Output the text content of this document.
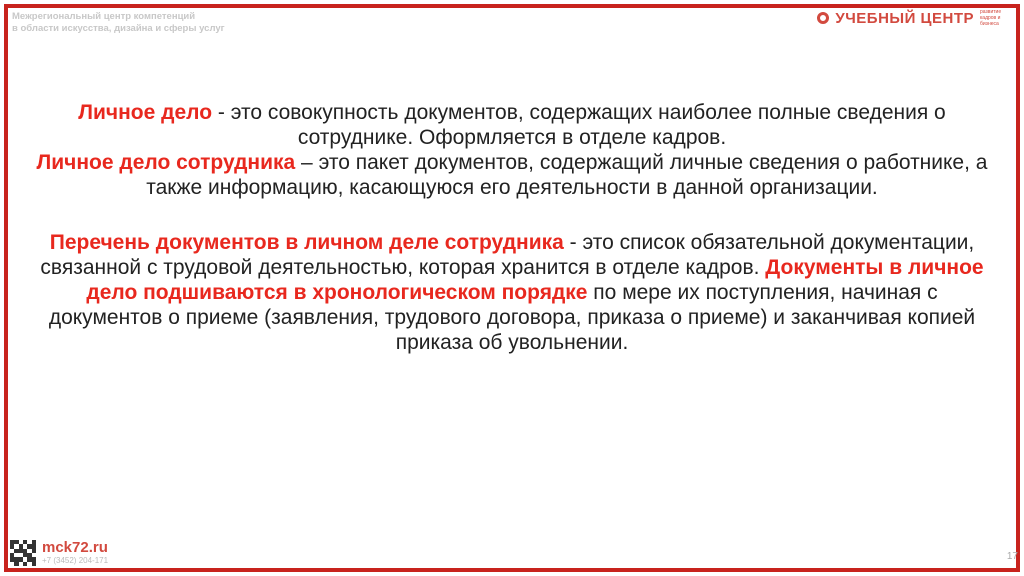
Межрегиональный центр компетенций
в области искусства, дизайна и сферы услуг
УЧЕБНЫЙ ЦЕНТР развитие кадров и бизнеса

Личное дело - это совокупность документов, содержащих наиболее полные сведения о сотруднике. Оформляется в отделе кадров.

Личное дело сотрудника – это пакет документов, содержащий личные сведения о работнике, а также информацию, касающуюся его деятельности в данной организации.

Перечень документов в личном деле сотрудника - это список обязательной документации, связанной с трудовой деятельностью, которая хранится в отделе кадров. Документы в личное дело подшиваются в хронологическом порядке по мере их поступления, начиная с документов о приеме (заявления, трудового договора, приказа о приеме) и заканчивая копией приказа об увольнении.

mck72.ru
+7 (3452) 204-171	17
